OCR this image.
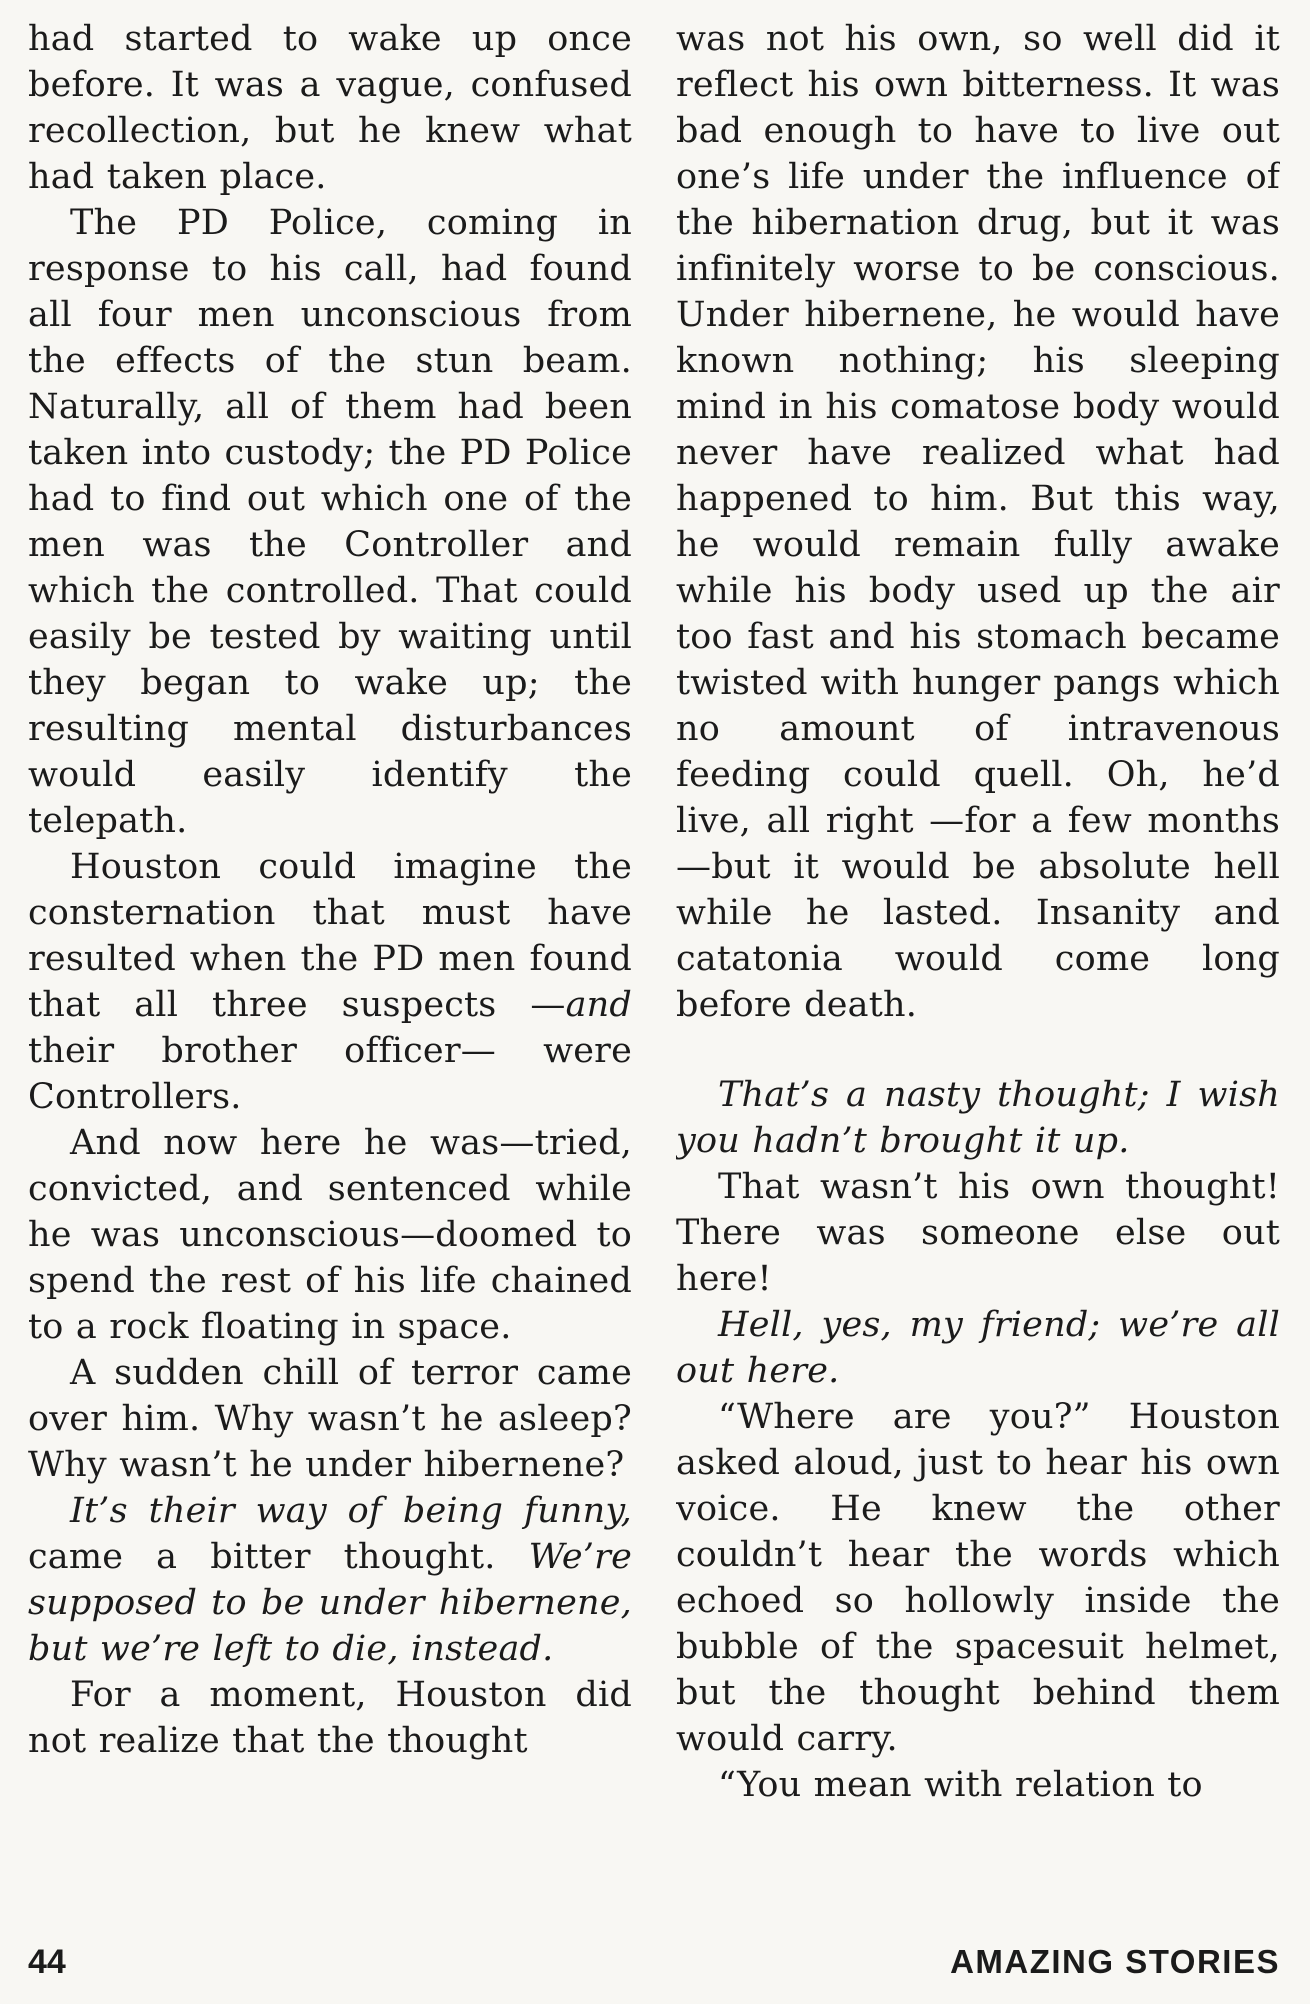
had started to wake up once before. It was a vague, confused recollection, but he knew what had taken place.

The PD Police, coming in response to his call, had found all four men unconscious from the effects of the stun beam. Naturally, all of them had been taken into custody; the PD Police had to find out which one of the men was the Controller and which the controlled. That could easily be tested by waiting until they began to wake up; the resulting mental disturbances would easily identify the telepath.

Houston could imagine the consternation that must have resulted when the PD men found that all three suspects —and their brother officer— were Controllers.

And now here he was—tried, convicted, and sentenced while he was unconscious—doomed to spend the rest of his life chained to a rock floating in space.

A sudden chill of terror came over him. Why wasn’t he asleep? Why wasn’t he under hibernene?

It’s their way of being funny, came a bitter thought. We’re supposed to be under hibernene, but we’re left to die, instead.

For a moment, Houston did not realize that the thought

was not his own, so well did it reflect his own bitterness. It was bad enough to have to live out one’s life under the influence of the hibernation drug, but it was infinitely worse to be conscious. Under hibernene, he would have known nothing; his sleeping mind in his comatose body would never have realized what had happened to him. But this way, he would remain fully awake while his body used up the air too fast and his stomach became twisted with hunger pangs which no amount of intravenous feeding could quell. Oh, he’d live, all right —for a few months—but it would be absolute hell while he lasted. Insanity and catatonia would come long before death.

That’s a nasty thought; I wish you hadn’t brought it up.

That wasn’t his own thought! There was someone else out here!

Hell, yes, my friend; we’re all out here.

“Where are you?” Houston asked aloud, just to hear his own voice. He knew the other couldn’t hear the words which echoed so hollowly inside the bubble of the spacesuit helmet, but the thought behind them would carry.

“You mean with relation to

44	AMAZING STORIES
